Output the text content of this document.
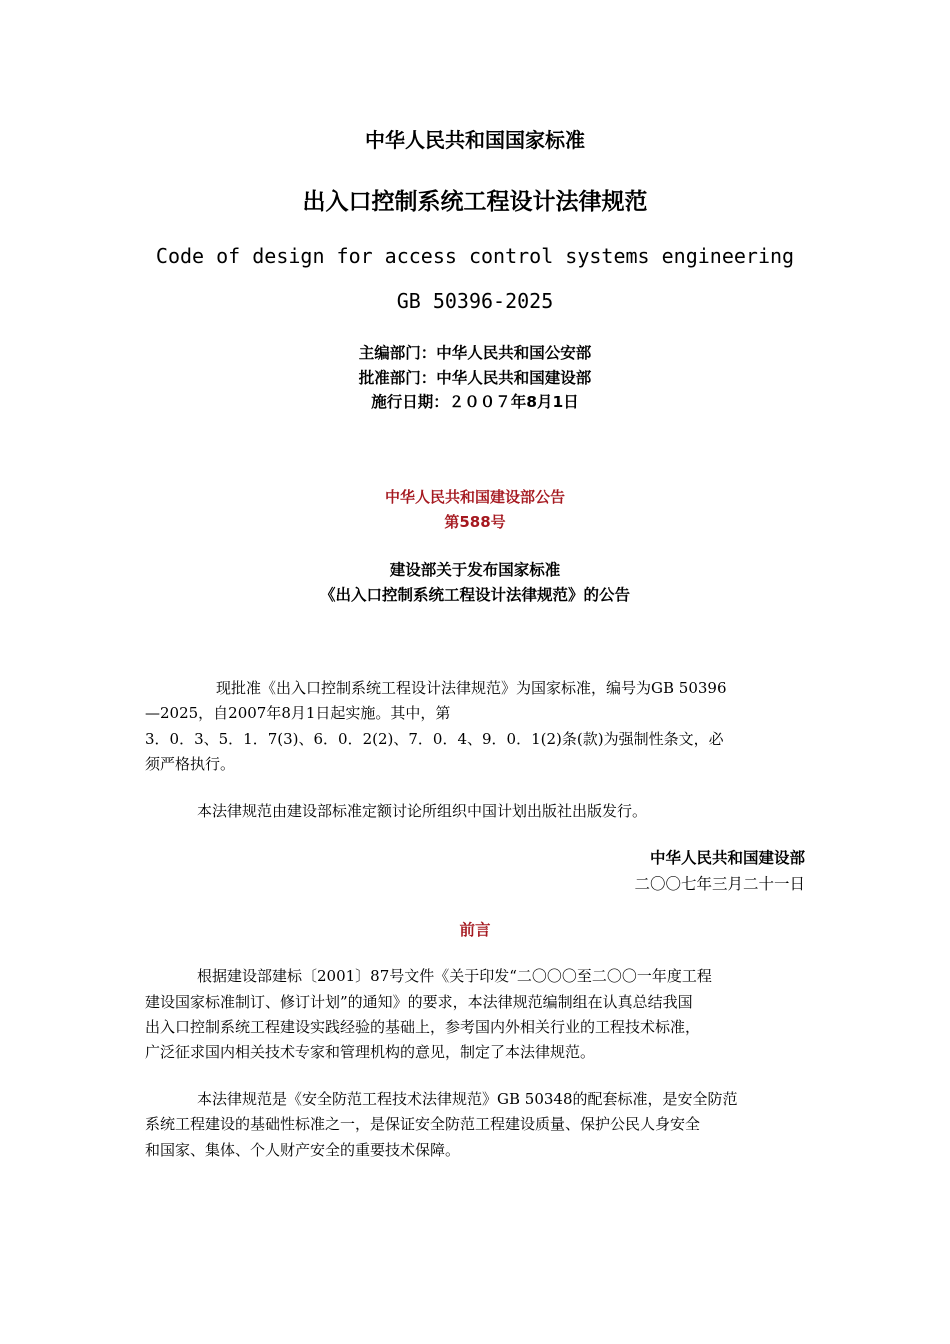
中华人民共和国国家标准
出入口控制系统工程设计法律规范
Code of design for access control systems engineering
GB 50396-2025
主编部门：中华人民共和国公安部
批准部门：中华人民共和国建设部
施行日期：２００７年8月1日
中华人民共和国建设部公告
第588号
建设部关于发布国家标准
《出入口控制系统工程设计法律规范》的公告
现批准《出入口控制系统工程设计法律规范》为国家标准，编号为GB 50396
—2025，自2007年8月1日起实施。其中，第
3．0．3、5．1．7(3)、6．0．2(2)、7．0．4、9．0．1(2)条(款)为强制性条文，必
须严格执行。
本法律规范由建设部标准定额讨论所组织中国计划出版社出版发行。
中华人民共和国建设部
二〇〇七年三月二十一日
前言
根据建设部建标〔2001〕87号文件《关于印发“二〇〇〇至二〇〇一年度工程
建设国家标准制订、修订计划”的通知》的要求，本法律规范编制组在认真总结我国
出入口控制系统工程建设实践经验的基础上，参考国内外相关行业的工程技术标准，
广泛征求国内相关技术专家和管理机构的意见，制定了本法律规范。
本法律规范是《安全防范工程技术法律规范》GB 50348的配套标准，是安全防范
系统工程建设的基础性标准之一，是保证安全防范工程建设质量、保护公民人身安全
和国家、集体、个人财产安全的重要技术保障。
